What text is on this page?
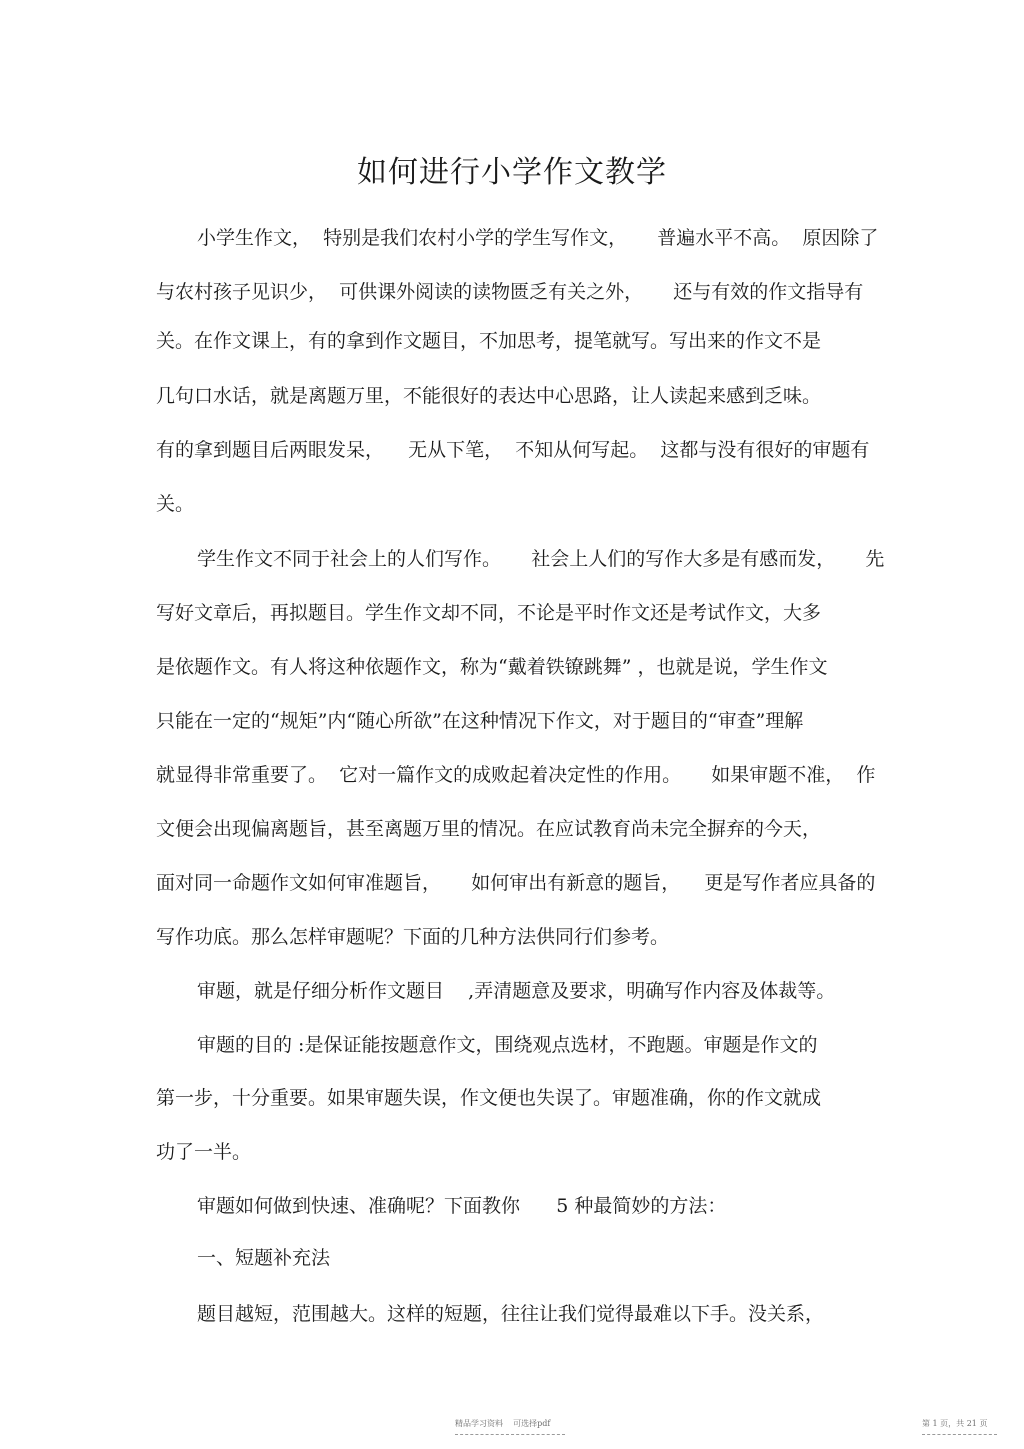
如何进行小学作文教学

小学生作文，  特别是我们农村小学的学生写作文，     普遍水平不高。  原因除了

与农村孩子见识少，  可供课外阅读的读物匮乏有关之外，     还与有效的作文指导有

关。在作文课上，有的拿到作文题目，不加思考，提笔就写。写出来的作文不是

几句口水话，就是离题万里，不能很好的表达中心思路，让人读起来感到乏味。

有的拿到题目后两眼发呆，    无从下笔，  不知从何写起。  这都与没有很好的审题有

关。

学生作文不同于社会上的人们写作。     社会上人们的写作大多是有感而发，     先

写好文章后，再拟题目。学生作文却不同，不论是平时作文还是考试作文，大多

是依题作文。有人将这种依题作文，称为“戴着铁镣跳舞” ，也就是说，学生作文

只能在一定的“规矩”内“随心所欲”在这种情况下作文，对于题目的“审查”理解

就显得非常重要了。  它对一篇作文的成败起着决定性的作用。     如果审题不准，  作

文便会出现偏离题旨，甚至离题万里的情况。在应试教育尚未完全摒弃的今天，

面对同一命题作文如何审准题旨，     如何审出有新意的题旨，    更是写作者应具备的

写作功底。那么怎样审题呢？下面的几种方法供同行们参考。

审题，就是仔细分析作文题目    ,弄清题意及要求，明确写作内容及体裁等。

审题的目的 :是保证能按题意作文，围绕观点选材，不跑题。审题是作文的

第一步，十分重要。如果审题失误，作文便也失误了。审题准确，你的作文就成

功了一半。

审题如何做到快速、准确呢？下面教你      5 种最简妙的方法：

一、短题补充法

题目越短，范围越大。这样的短题，往往让我们觉得最难以下手。没关系，

精品学习资料    可选择pdf	第 1 页，共 21 页
